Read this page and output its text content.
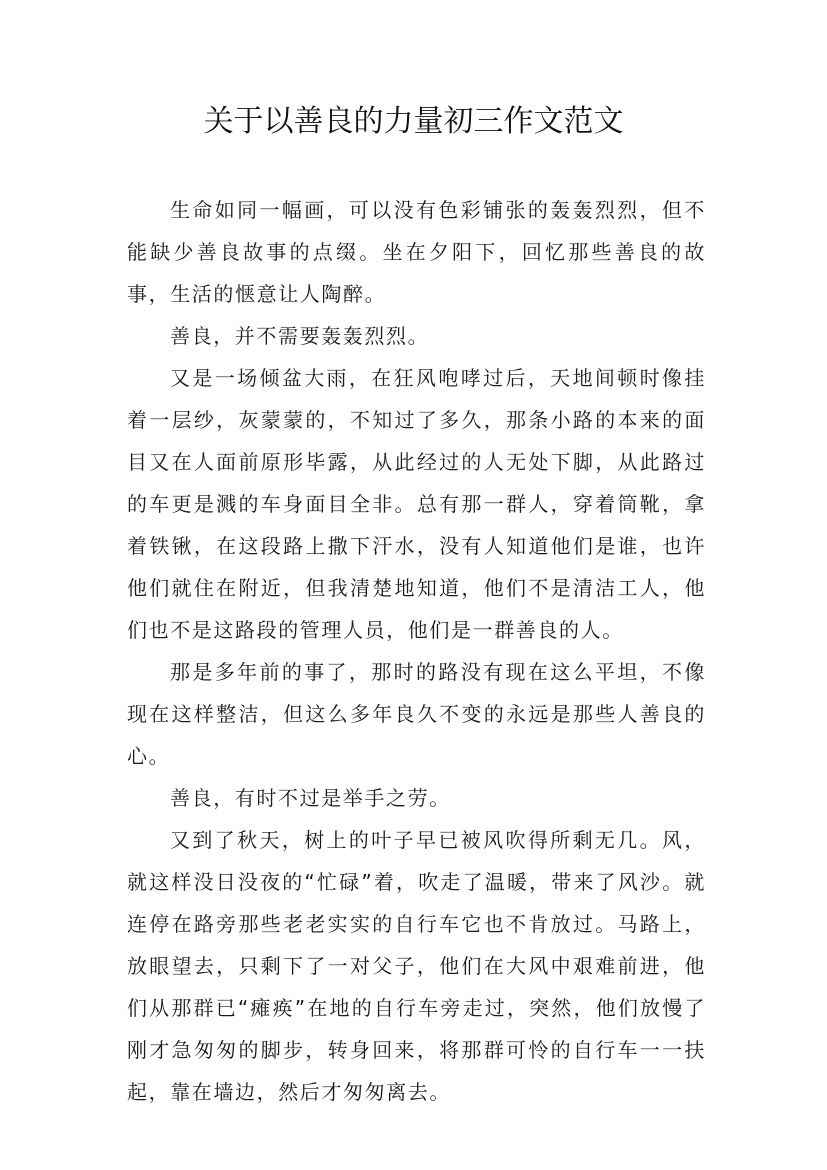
关于以善良的力量初三作文范文

生命如同一幅画，可以没有色彩铺张的轰轰烈烈，但不能缺少善良故事的点缀。坐在夕阳下，回忆那些善良的故事，生活的惬意让人陶醉。

善良，并不需要轰轰烈烈。

又是一场倾盆大雨，在狂风咆哮过后，天地间顿时像挂着一层纱，灰蒙蒙的，不知过了多久，那条小路的本来的面目又在人面前原形毕露，从此经过的人无处下脚，从此路过的车更是溅的车身面目全非。总有那一群人，穿着筒靴，拿着铁锹，在这段路上撒下汗水，没有人知道他们是谁，也许他们就住在附近，但我清楚地知道，他们不是清洁工人，他们也不是这路段的管理人员，他们是一群善良的人。

那是多年前的事了，那时的路没有现在这么平坦，不像现在这样整洁，但这么多年良久不变的永远是那些人善良的心。

善良，有时不过是举手之劳。

又到了秋天，树上的叶子早已被风吹得所剩无几。风，就这样没日没夜的“忙碌”着，吹走了温暖，带来了风沙。就连停在路旁那些老老实实的自行车它也不肯放过。马路上，放眼望去，只剩下了一对父子，他们在大风中艰难前进，他们从那群已“瘫痪”在地的自行车旁走过，突然，他们放慢了刚才急匆匆的脚步，转身回来，将那群可怜的自行车一一扶起，靠在墙边，然后才匆匆离去。
